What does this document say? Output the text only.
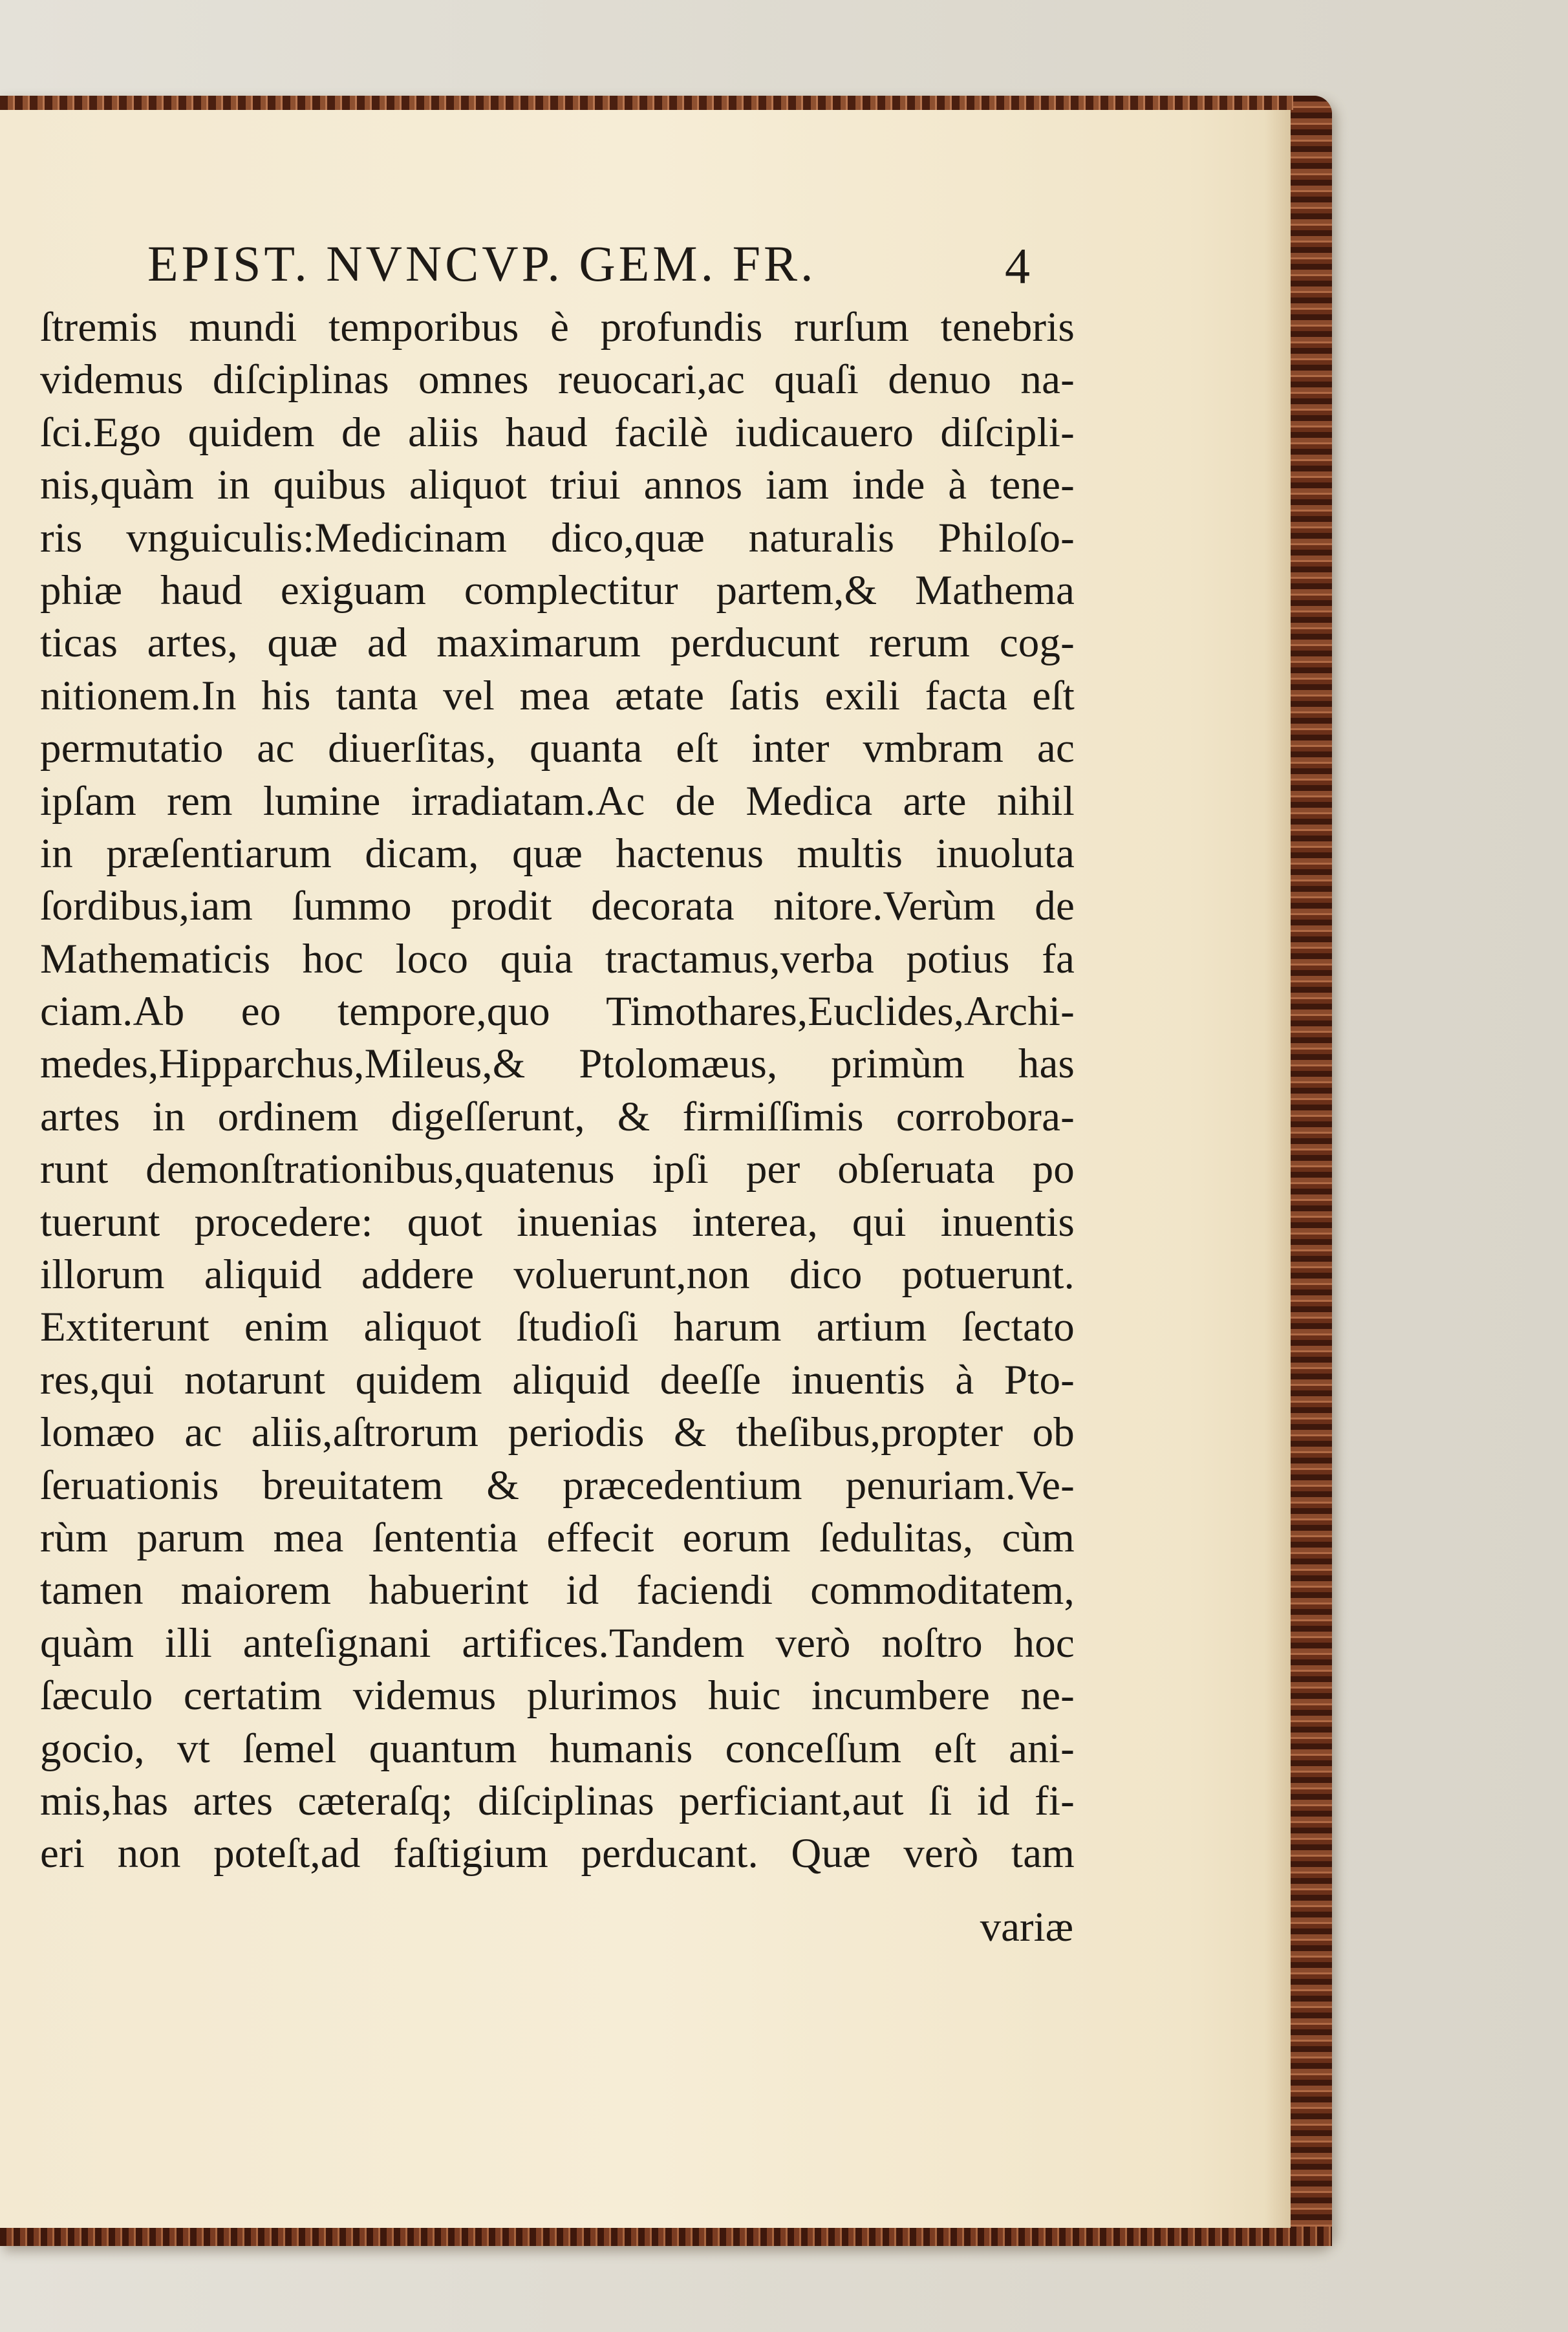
EPIST. NVNCVP. GEM. FR.	4
ſtremis mundi temporibus è profundis rurſum tenebris
videmus diſciplinas omnes reuocari,ac quaſi denuo na-
ſci.Ego quidem de aliis haud facilè iudicauero diſcipli-
nis,quàm in quibus aliquot triui annos iam inde à tene-
ris vnguiculis:Medicinam dico,quæ naturalis Philoſo-
phiæ haud exiguam complectitur partem,& Mathema
ticas artes, quæ ad maximarum perducunt rerum cog-
nitionem.In his tanta vel mea ætate ſatis exili facta eſt
permutatio ac diuerſitas, quanta eſt inter vmbram ac
ipſam rem lumine irradiatam.Ac de Medica arte nihil
in præſentiarum dicam, quæ hactenus multis inuoluta
ſordibus,iam ſummo prodit decorata nitore.Verùm de
Mathematicis hoc loco quia tractamus,verba potius fa
ciam.Ab eo tempore,quo Timothares,Euclides,Archi-
medes,Hipparchus,Mileus,& Ptolomæus, primùm has
artes in ordinem digeſſerunt, & firmiſſimis corrobora-
runt demonſtrationibus,quatenus ipſi per obſeruata po
tuerunt procedere: quot inuenias interea, qui inuentis
illorum aliquid addere voluerunt,non dico potuerunt.
Extiterunt enim aliquot ſtudioſi harum artium ſectato
res,qui notarunt quidem aliquid deeſſe inuentis à Pto-
lomæo ac aliis,aſtrorum periodis & theſibus,propter ob
ſeruationis breuitatem & præcedentium penuriam.Ve-
rùm parum mea ſententia effecit eorum ſedulitas, cùm
tamen maiorem habuerint id faciendi commoditatem,
quàm illi anteſignani artifices.Tandem verò noſtro hoc
ſæculo certatim videmus plurimos huic incumbere ne-
gocio, vt ſemel quantum humanis conceſſum eſt ani-
mis,has artes cæteraſq; diſciplinas perficiant,aut ſi id fi-
eri non poteſt,ad faſtigium perducant. Quæ verò tam
variæ
